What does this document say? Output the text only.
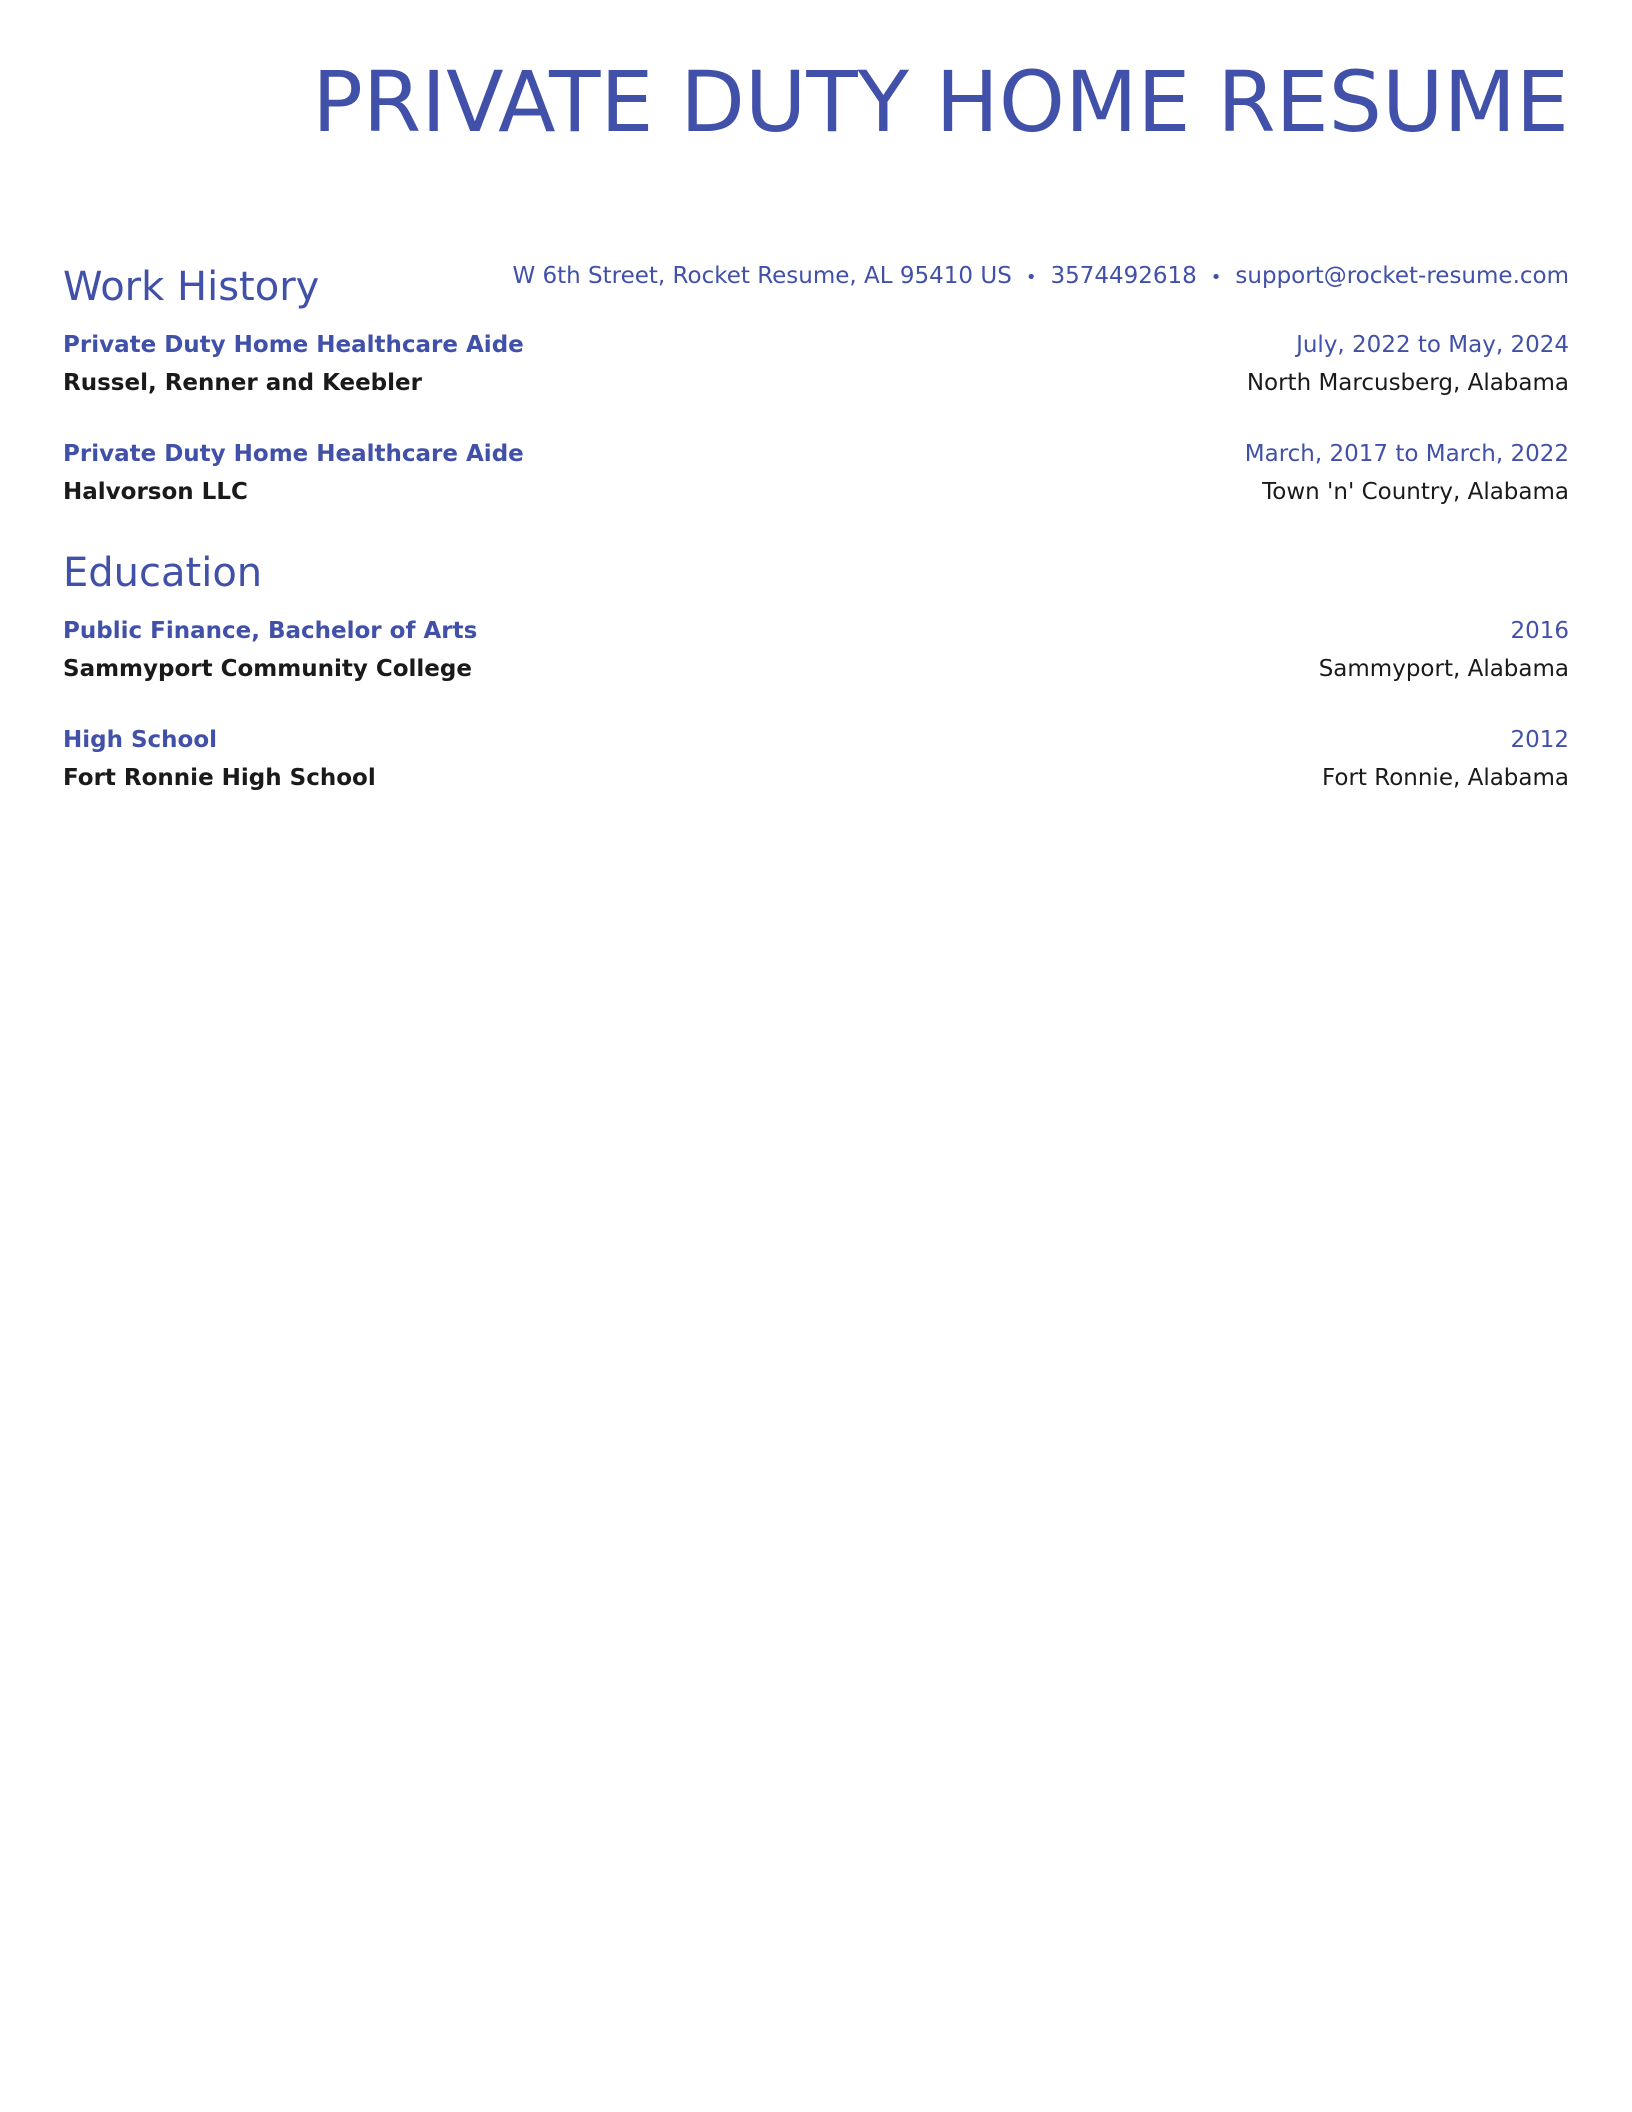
PRIVATE DUTY HOME RESUME
W 6th Street, Rocket Resume, AL 95410 US • 3574492618 • support@rocket-resume.com
Work History
Private Duty Home Healthcare Aide	July, 2022 to May, 2024
Russel, Renner and Keebler	North Marcusberg, Alabama
Private Duty Home Healthcare Aide	March, 2017 to March, 2022
Halvorson LLC	Town 'n' Country, Alabama
Education
Public Finance, Bachelor of Arts	2016
Sammyport Community College	Sammyport, Alabama
High School	2012
Fort Ronnie High School	Fort Ronnie, Alabama
